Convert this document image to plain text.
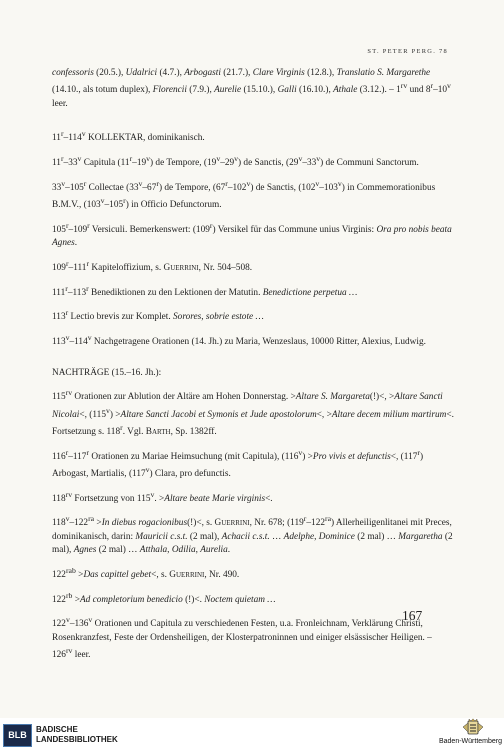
ST. PETER PERG. 78

confessoris (20.5.), Udalrici (4.7.), Arbogasti (21.7.), Clare Virginis (12.8.), Translatio S. Margarethe (14.10., als totum duplex), Florencii (7.9.), Aurelie (15.10.), Galli (16.10.), Athale (3.12.). – $1^{rv}$ und 8$^r$–10$^v$ leer.

11$^r$–114$^v$ KOLLEKTAR, dominikanisch.

11$^r$–33$^v$ Capitula (11$^r$–19$^v$) de Tempore, (19$^v$–29$^v$) de Sanctis, (29$^v$–33$^v$) de Communi Sanctorum.

33$^v$–105$^r$ Collectae (33$^v$–67$^r$) de Tempore, (67$^r$–102$^v$) de Sanctis, (102$^v$–103$^v$) in Commemorationibus B.M.V., (103$^v$–105$^r$) in Officio Defunctorum.

105$^r$–109$^r$ Versiculi. Bemerkenswert: (109$^r$) Versikel für das Commune unius Virginis: Ora pro nobis beata Agnes.

109$^r$–111$^r$ Kapiteloffizium, s. Guerrini, Nr. 504–508.

111$^r$–113$^r$ Benediktionen zu den Lektionen der Matutin. Benedictione perpetua …

113$^r$ Lectio brevis zur Komplet. Sorores, sobrie estote …

113$^v$–114$^v$ Nachgetragene Orationen (14. Jh.) zu Maria, Wenzeslaus, 10000 Ritter, Alexius, Ludwig.

NACHTRÄGE (15.–16. Jh.):

$115^{rv}$ Orationen zur Ablution der Altäre am Hohen Donnerstag. >Altare S. Margareta(!)<, >Altare Sancti Nicolai<, $(115^v)$ >Altare Sancti Jacobi et Symonis et Jude apostolorum<, >Altare decem milium martirum<. Fortsetzung s. 118$^r$. Vgl. Barth, Sp. 1382ff.

116$^r$–117$^r$ Orationen zu Mariae Heimsuchung (mit Capitula), $(116^v) >Pro$ vivis et defunctis<, (117$^r$) Arbogast, Martialis, (117$^v$) Clara, pro defunctis.

$118^{rv}$ Fortsetzung von $115^v$. >Altare beate Marie virginis<.

$118^v-122^{ra} >In$ diebus rogacionibus(!)<, s. Guerrini, Nr. 678; $(119^r-122^{ra})$ Allerheiligenlitanei mit Preces, dominikanisch, darin: Mauricii c.s.t. (2 mal), Achacii c.s.t. … Adelphe, Dominice (2 mal) … Margaretha (2 mal), Agnes (2 mal) … Atthala, Odilia, Aurelia.

$122^{rab} >Das$ capittel gebet<, s. Guerrini, Nr. 490.

$122^{rb} >Ad$ completorium benedicio (!)<. Noctem quietam …

122$^v$–136$^v$ Orationen und Capitula zu verschiedenen Festen, u.a. Fronleichnam, Verklärung Christi, Rosenkranzfest, Feste der Ordensheiligen, der Klosterpatroninnen und einiger elsässischer Heiligen. – $126^{rv}$ leer.

167
BLB
BADISCHE
LANDESBIBLIOTHEK	Baden-Württemberg
